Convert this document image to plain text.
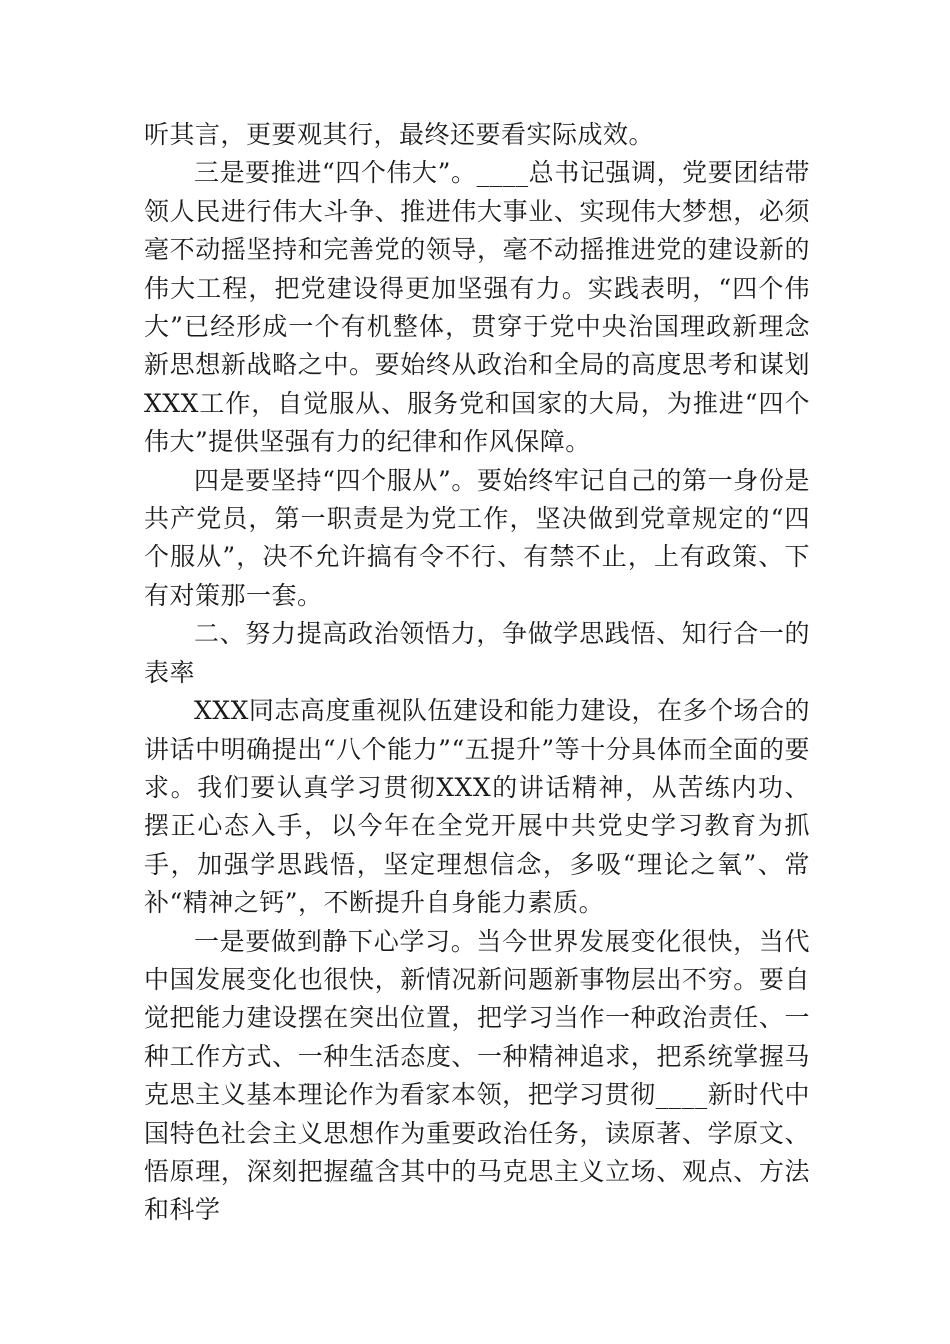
听其言，更要观其行，最终还要看实际成效。

三是要推进“四个伟大”。____总书记强调，党要团结带领人民进行伟大斗争、推进伟大事业、实现伟大梦想，必须毫不动摇坚持和完善党的领导，毫不动摇推进党的建设新的伟大工程，把党建设得更加坚强有力。实践表明，“四个伟大”已经形成一个有机整体，贯穿于党中央治国理政新理念新思想新战略之中。要始终从政治和全局的高度思考和谋划XXX工作，自觉服从、服务党和国家的大局，为推进“四个伟大”提供坚强有力的纪律和作风保障。

四是要坚持“四个服从”。要始终牢记自己的第一身份是共产党员，第一职责是为党工作，坚决做到党章规定的“四个服从”，决不允许搞有令不行、有禁不止，上有政策、下有对策那一套。

二、努力提高政治领悟力，争做学思践悟、知行合一的表率

XXX同志高度重视队伍建设和能力建设，在多个场合的讲话中明确提出“八个能力”“五提升”等十分具体而全面的要求。我们要认真学习贯彻XXX的讲话精神，从苦练内功、摆正心态入手，以今年在全党开展中共党史学习教育为抓手，加强学思践悟，坚定理想信念，多吸“理论之氧”、常补“精神之钙”，不断提升自身能力素质。

一是要做到静下心学习。当今世界发展变化很快，当代中国发展变化也很快，新情况新问题新事物层出不穷。要自觉把能力建设摆在突出位置，把学习当作一种政治责任、一种工作方式、一种生活态度、一种精神追求，把系统掌握马克思主义基本理论作为看家本领，把学习贯彻____新时代中国特色社会主义思想作为重要政治任务，读原著、学原文、悟原理，深刻把握蕴含其中的马克思主义立场、观点、方法和科学
